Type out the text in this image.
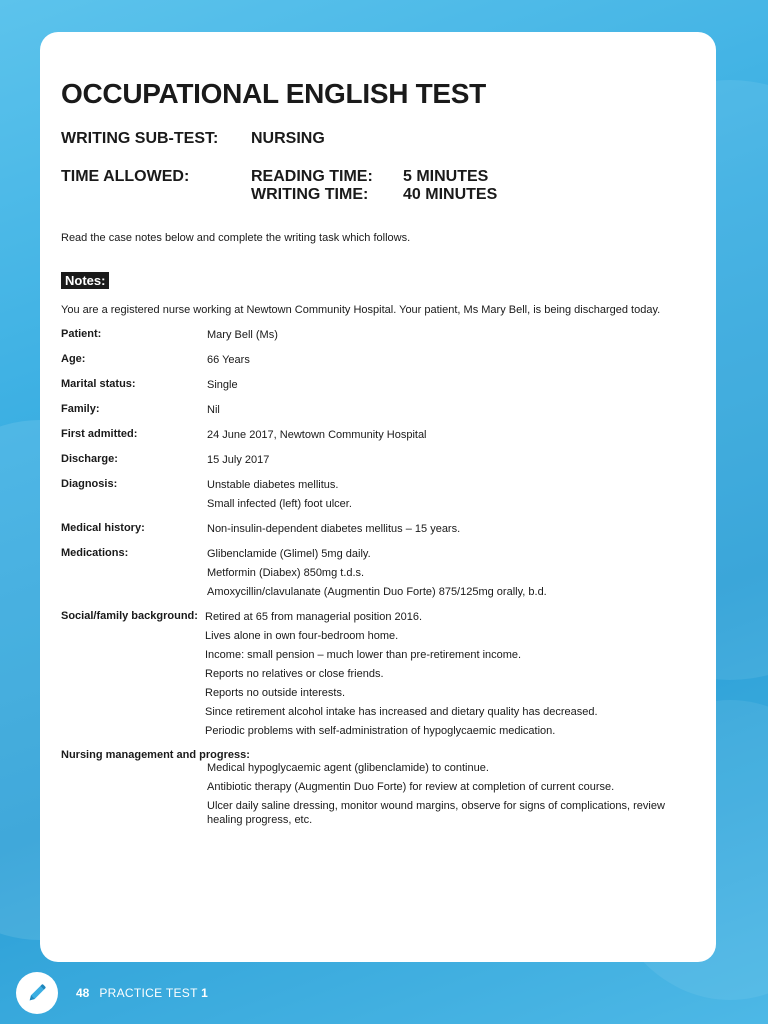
OCCUPATIONAL ENGLISH TEST
WRITING SUB-TEST:	NURSING
TIME ALLOWED:	READING TIME:	5 MINUTES
WRITING TIME:	40 MINUTES
Read the case notes below and complete the writing task which follows.
Notes:
You are a registered nurse working at Newtown Community Hospital. Your patient, Ms Mary Bell, is being discharged today.
Patient:	Mary Bell (Ms)
Age:	66 Years
Marital status:	Single
Family:	Nil
First admitted:	24 June 2017, Newtown Community Hospital
Discharge:	15 July 2017
Diagnosis:	Unstable diabetes mellitus.
Small infected (left) foot ulcer.
Medical history:	Non-insulin-dependent diabetes mellitus – 15 years.
Medications:	Glibenclamide (Glimel) 5mg daily.
Metformin (Diabex) 850mg t.d.s.
Amoxycillin/clavulanate (Augmentin Duo Forte) 875/125mg orally, b.d.
Social/family background: Retired at 65 from managerial position 2016.
Lives alone in own four-bedroom home.
Income: small pension – much lower than pre-retirement income.
Reports no relatives or close friends.
Reports no outside interests.
Since retirement alcohol intake has increased and dietary quality has decreased.
Periodic problems with self-administration of hypoglycaemic medication.
Nursing management and progress:
Medical hypoglycaemic agent (glibenclamide) to continue.
Antibiotic therapy (Augmentin Duo Forte) for review at completion of current course.
Ulcer daily saline dressing, monitor wound margins, observe for signs of complications, review healing progress, etc.
48 PRACTICE TEST 1
